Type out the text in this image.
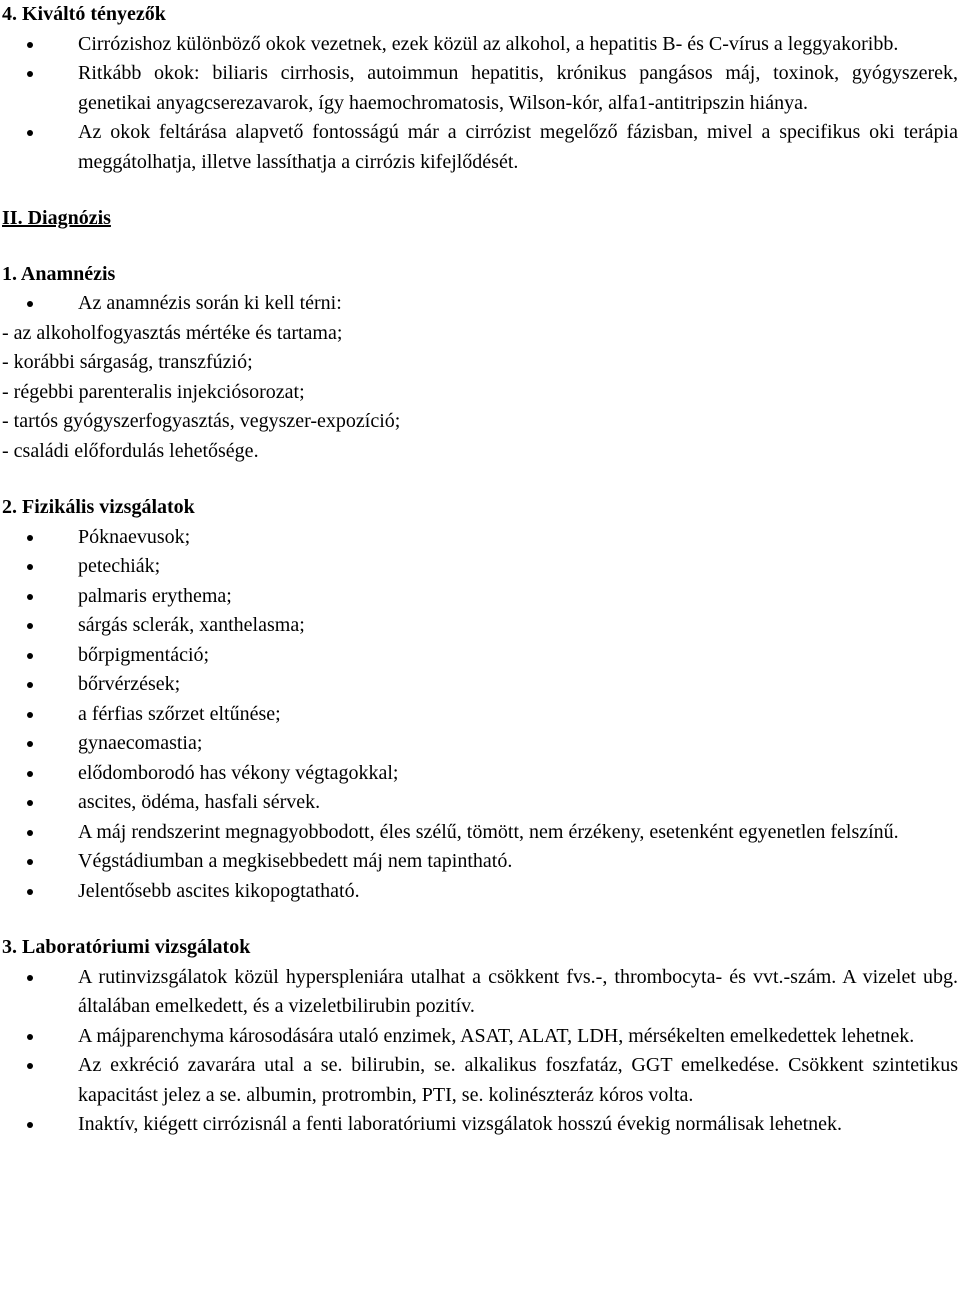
4. Kiváltó tényezők

Cirrózishoz különböző okok vezetnek, ezek közül az alkohol, a hepatitis B- és C-vírus a leggyakoribb.
Ritkább okok: biliaris cirrhosis, autoimmun hepatitis, krónikus pangásos máj, toxinok, gyógyszerek, genetikai anyagcserezavarok, így haemochromatosis, Wilson-kór, alfa1-antitripszin hiánya.
Az okok feltárása alapvető fontosságú már a cirrózist megelőző fázisban, mivel a specifikus oki terápia meggátolhatja, illetve lassíthatja a cirrózis kifejlődését.

II. Diagnózis

1. Anamnézis

Az anamnézis során ki kell térni:

- az alkoholfogyasztás mértéke és tartama;

- korábbi sárgaság, transzfúzió;

- régebbi parenteralis injekciósorozat;

- tartós gyógyszerfogyasztás, vegyszer-expozíció;

- családi előfordulás lehetősége.

2. Fizikális vizsgálatok

Póknaevusok;
petechiák;
palmaris erythema;
sárgás sclerák, xanthelasma;
bőrpigmentáció;
bőrvérzések;
a férfias szőrzet eltűnése;
gynaecomastia;
elődomborodó has vékony végtagokkal;
ascites, ödéma, hasfali sérvek.
A máj rendszerint megnagyobbodott, éles szélű, tömött, nem érzékeny, esetenként egyenetlen felszínű.
Végstádiumban a megkisebbedett máj nem tapintható.
Jelentősebb ascites kikopogtatható.

3. Laboratóriumi vizsgálatok

A rutinvizsgálatok közül hyperspleniára utalhat a csökkent fvs.-, thrombocyta- és vvt.-szám. A vizelet ubg. általában emelkedett, és a vizeletbilirubin pozitív.
A májparenchyma károsodására utaló enzimek, ASAT, ALAT, LDH, mérsékelten emelkedettek lehetnek.
Az exkréció zavarára utal a se. bilirubin, se. alkalikus foszfatáz, GGT emelkedése. Csökkent szintetikus kapacitást jelez a se. albumin, protrombin, PTI, se. kolinészteráz kóros volta.
Inaktív, kiégett cirrózisnál a fenti laboratóriumi vizsgálatok hosszú évekig normálisak lehetnek.
